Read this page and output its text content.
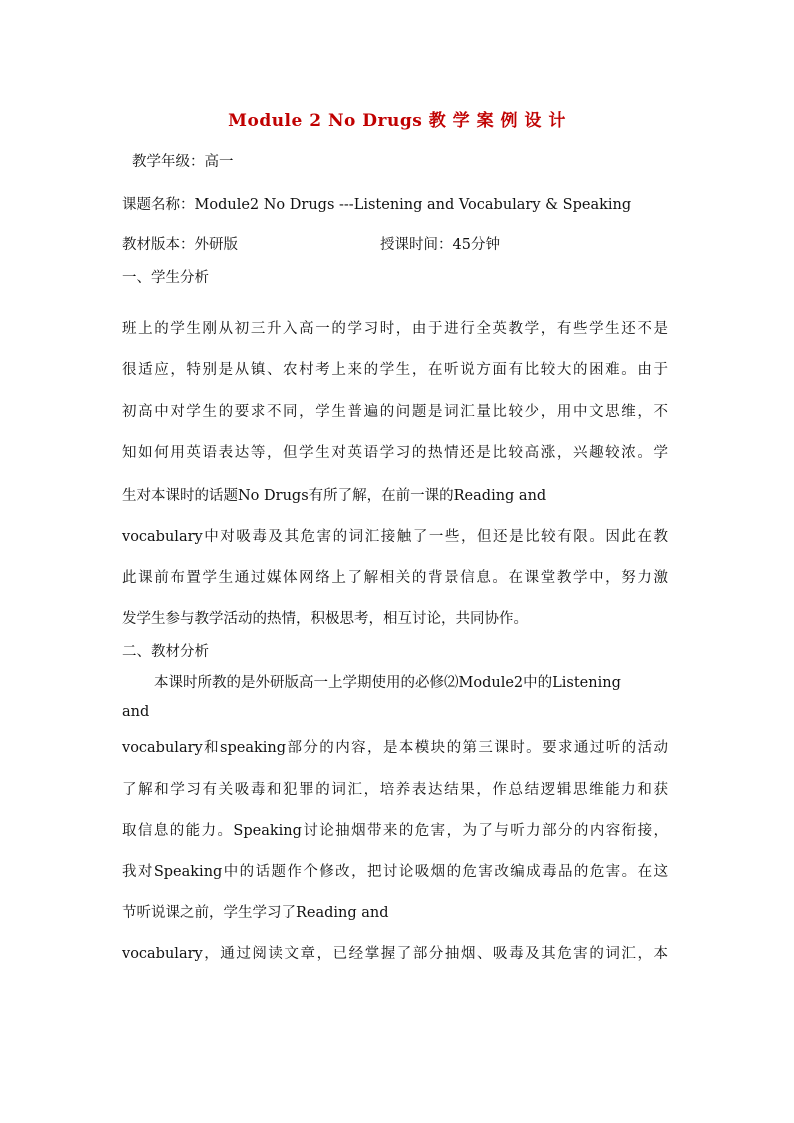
Module 2 No Drugs 教 学 案 例 设 计
教学年级：高一
课题名称：Module2 No Drugs ---Listening and Vocabulary & Speaking
教材版本：外研版	授课时间：45分钟
一、学生分析
班上的学生刚从初三升入高一的学习时，由于进行全英教学，有些学生还不是
很适应，特别是从镇、农村考上来的学生，在听说方面有比较大的困难。由于
初高中对学生的要求不同，学生普遍的问题是词汇量比较少，用中文思维，不
知如何用英语表达等，但学生对英语学习的热情还是比较高涨，兴趣较浓。学
生对本课时的话题No Drugs有所了解，在前一课的Reading and
vocabulary中对吸毒及其危害的词汇接触了一些，但还是比较有限。因此在教
此课前布置学生通过媒体网络上了解相关的背景信息。在课堂教学中，努力激
发学生参与教学活动的热情，积极思考，相互讨论，共同协作。
二、教材分析
本课时所教的是外研版高一上学期使用的必修⑵Module2中的Listening
and
vocabulary和speaking部分的内容，是本模块的第三课时。要求通过听的活动
了解和学习有关吸毒和犯罪的词汇，培养表达结果，作总结逻辑思维能力和获
取信息的能力。Speaking讨论抽烟带来的危害，为了与听力部分的内容衔接，
我对Speaking中的话题作个修改，把讨论吸烟的危害改编成毒品的危害。在这
节听说课之前，学生学习了Reading and
vocabulary，通过阅读文章，已经掌握了部分抽烟、吸毒及其危害的词汇，本
